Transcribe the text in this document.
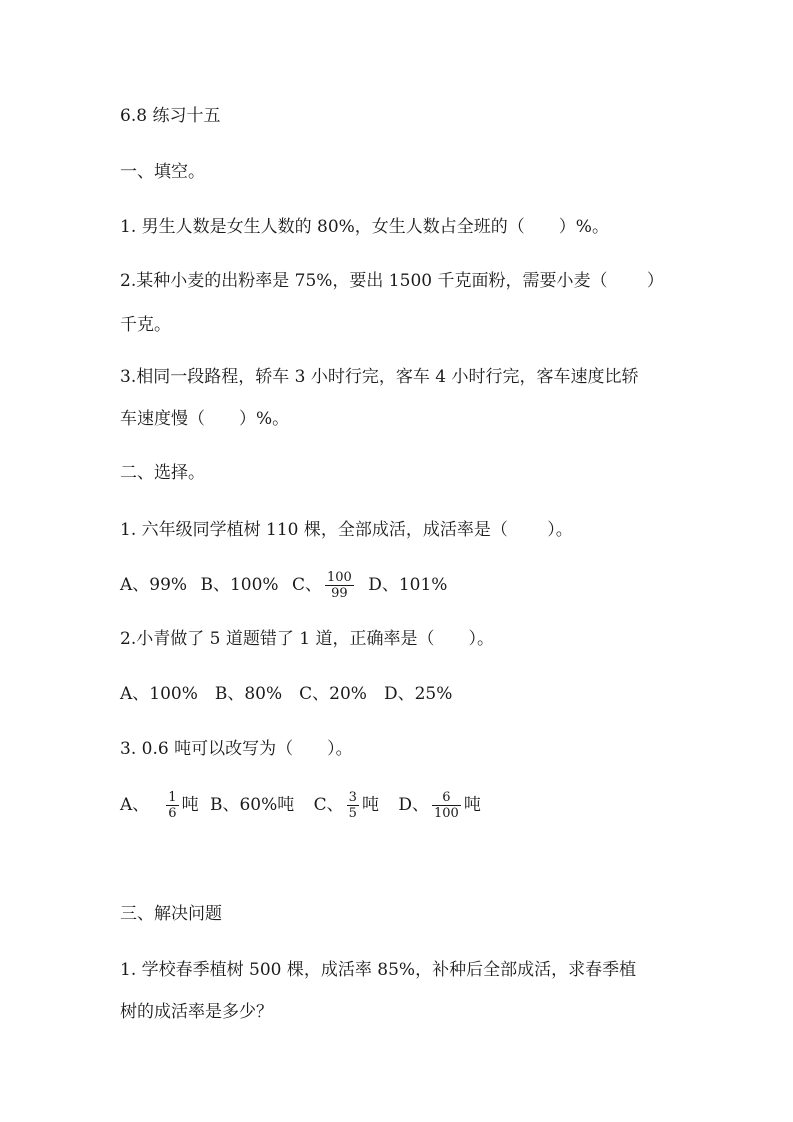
6.8 练习十五
一、填空。
1. 男生人数是女生人数的 80%，女生人数占全班的（　　）%。
2.某种小麦的出粉率是 75%，要出 1500 千克面粉，需要小麦（　　 ）
千克。
3.相同一段路程，轿车 3 小时行完，客车 4 小时行完，客车速度比轿
车速度慢（　　）%。
二、选择。
1. 六年级同学植树 110 棵，全部成活，成活率是（　　 ）。
A、99% B、100% C、 $\frac{100}{99}$ D、101%
2.小青做了 5 道题错了 1 道，正确率是（　　）。
A、100%　B、80%　C、20%　D、25%
3. 0.6 吨可以改写为（　　）。
A、 $\frac{1}{6}$ 吨 B、60%吨 C、 $\frac{3}{5}$ 吨 D、 $\frac{6}{100}$ 吨
三、解决问题
1. 学校春季植树 500 棵，成活率 85%，补种后全部成活，求春季植
树的成活率是多少？
